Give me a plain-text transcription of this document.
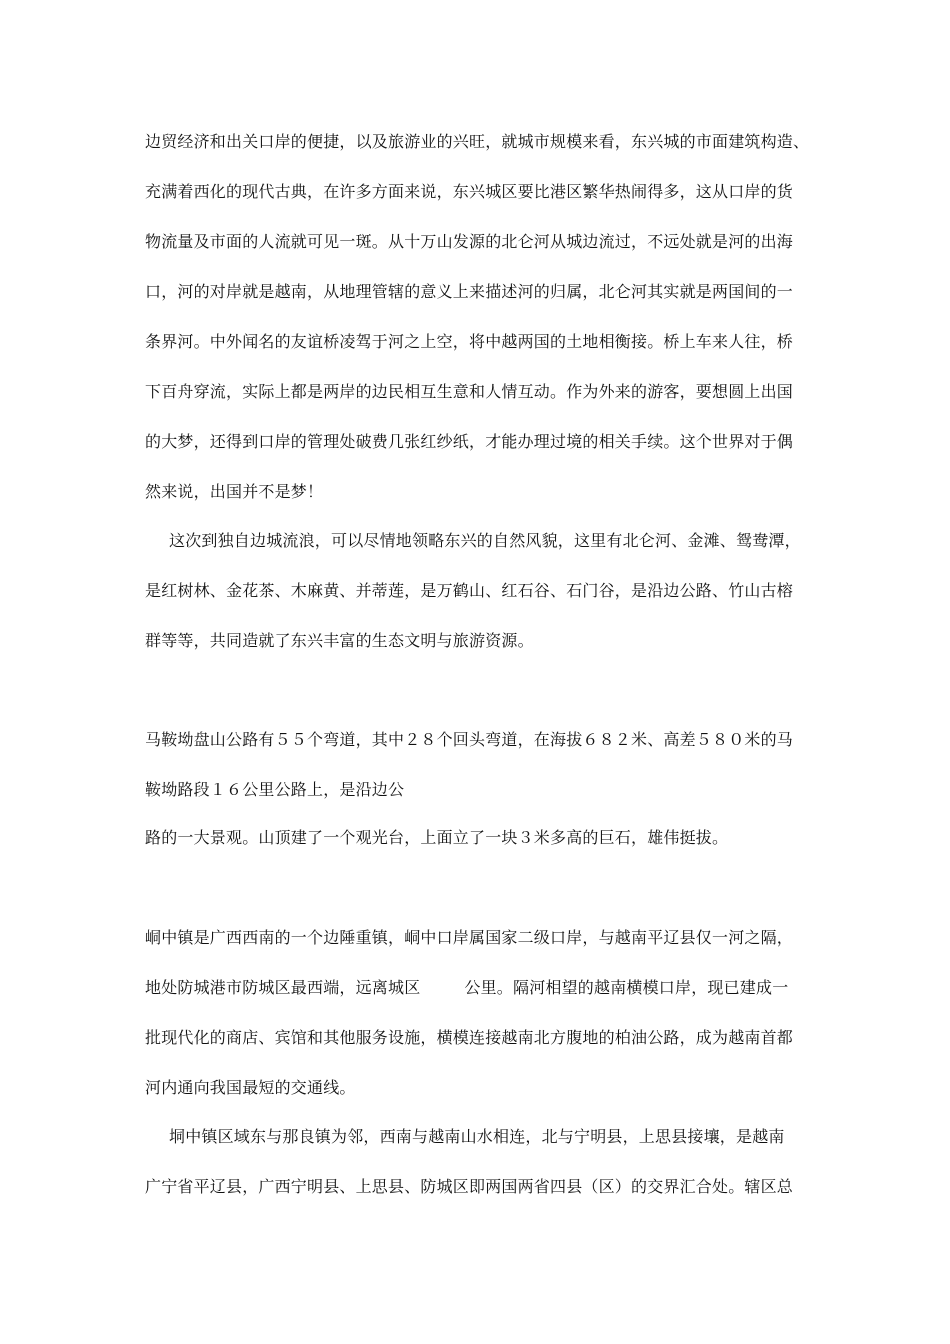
边贸经济和出关口岸的便捷，以及旅游业的兴旺，就城市规模来看，东兴城的市面建筑构造、
充满着西化的现代古典，在许多方面来说，东兴城区要比港区繁华热闹得多，这从口岸的货
物流量及市面的人流就可见一斑。从十万山发源的北仑河从城边流过，不远处就是河的出海
口，河的对岸就是越南，从地理管辖的意义上来描述河的归属，北仑河其实就是两国间的一
条界河。中外闻名的友谊桥凌驾于河之上空，将中越两国的土地相衡接。桥上车来人往，桥
下百舟穿流，实际上都是两岸的边民相互生意和人情互动。作为外来的游客，要想圆上出国
的大梦，还得到口岸的管理处破费几张红纱纸，才能办理过境的相关手续。这个世界对于偶
然来说，出国并不是梦！
这次到独自边城流浪，可以尽情地领略东兴的自然风貌，这里有北仑河、金滩、鸳鸯潭，
是红树林、金花茶、木麻黄、并蒂莲，是万鹤山、红石谷、石门谷，是沿边公路、竹山古榕
群等等，共同造就了东兴丰富的生态文明与旅游资源。
马鞍坳盘山公路有５５个弯道，其中２８个回头弯道，在海拔６８２米、高差５８０米的马
鞍坳路段１６公里公路上，是沿边公
路的一大景观。山顶建了一个观光台，上面立了一块３米多高的巨石，雄伟挺拔。
峒中镇是广西西南的一个边陲重镇，峒中口岸属国家二级口岸，与越南平辽县仅一河之隔，
地处防城港市防城区最西端，远离城区	公里。隔河相望的越南横模口岸，现已建成一
批现代化的商店、宾馆和其他服务设施，横模连接越南北方腹地的柏油公路，成为越南首都
河内通向我国最短的交通线。
垌中镇区域东与那良镇为邻，西南与越南山水相连，北与宁明县，上思县接壤，是越南
广宁省平辽县，广西宁明县、上思县、防城区即两国两省四县（区）的交界汇合处。辖区总
